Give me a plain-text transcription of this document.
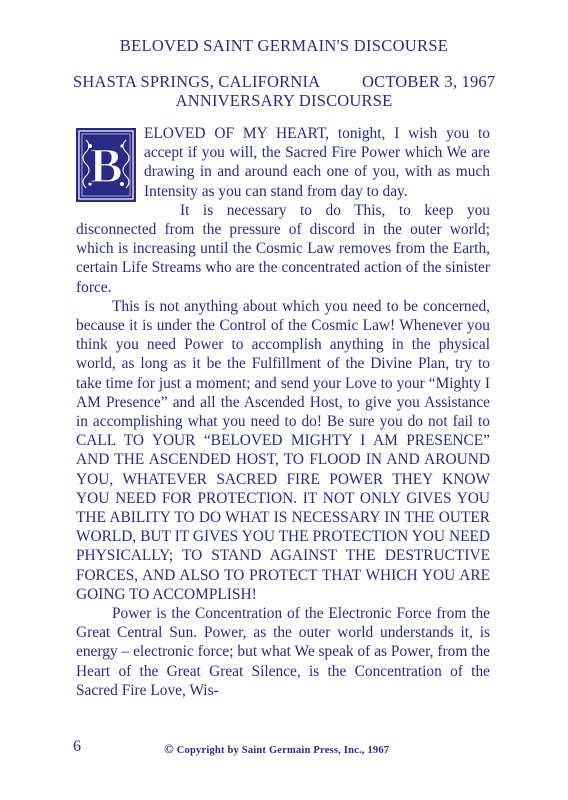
BELOVED SAINT GERMAIN'S DISCOURSE
SHASTA SPRINGS, CALIFORNIA	OCTOBER 3, 1967
ANNIVERSARY DISCOURSE

B
ELOVED OF MY HEART, tonight, I wish you to accept if you will, the Sacred Fire Power which We are drawing in and around each one of you, with as much Intensity as you can stand from day to day.

It is necessary to do This, to keep you disconnected from the pressure of discord in the outer world; which is increasing until the Cosmic Law removes from the Earth, certain Life Streams who are the concentrated action of the sinister force.

This is not anything about which you need to be concerned, because it is under the Control of the Cosmic Law! Whenever you think you need Power to accomplish anything in the physical world, as long as it be the Fulfillment of the Divine Plan, try to take time for just a moment; and send your Love to your “Mighty I AM Presence” and all the Ascended Host, to give you Assistance in accomplishing what you need to do! Be sure you do not fail to CALL TO YOUR “BELOVED MIGHTY I AM PRESENCE” AND THE ASCENDED HOST, TO FLOOD IN AND AROUND YOU, WHATEVER SACRED FIRE POWER THEY KNOW YOU NEED FOR PROTECTION. IT NOT ONLY GIVES YOU THE ABILITY TO DO WHAT IS NECESSARY IN THE OUTER WORLD, BUT IT GIVES YOU THE PROTECTION YOU NEED PHYSICALLY; TO STAND AGAINST THE DESTRUCTIVE FORCES, AND ALSO TO PROTECT THAT WHICH YOU ARE GOING TO ACCOMPLISH!

Power is the Concentration of the Electronic Force from the Great Central Sun. Power, as the outer world understands it, is energy – electronic force; but what We speak of as Power, from the Heart of the Great Great Silence, is the Concentration of the Sacred Fire Love, Wis-

6	© Copyright by Saint Germain Press, Inc., 1967
